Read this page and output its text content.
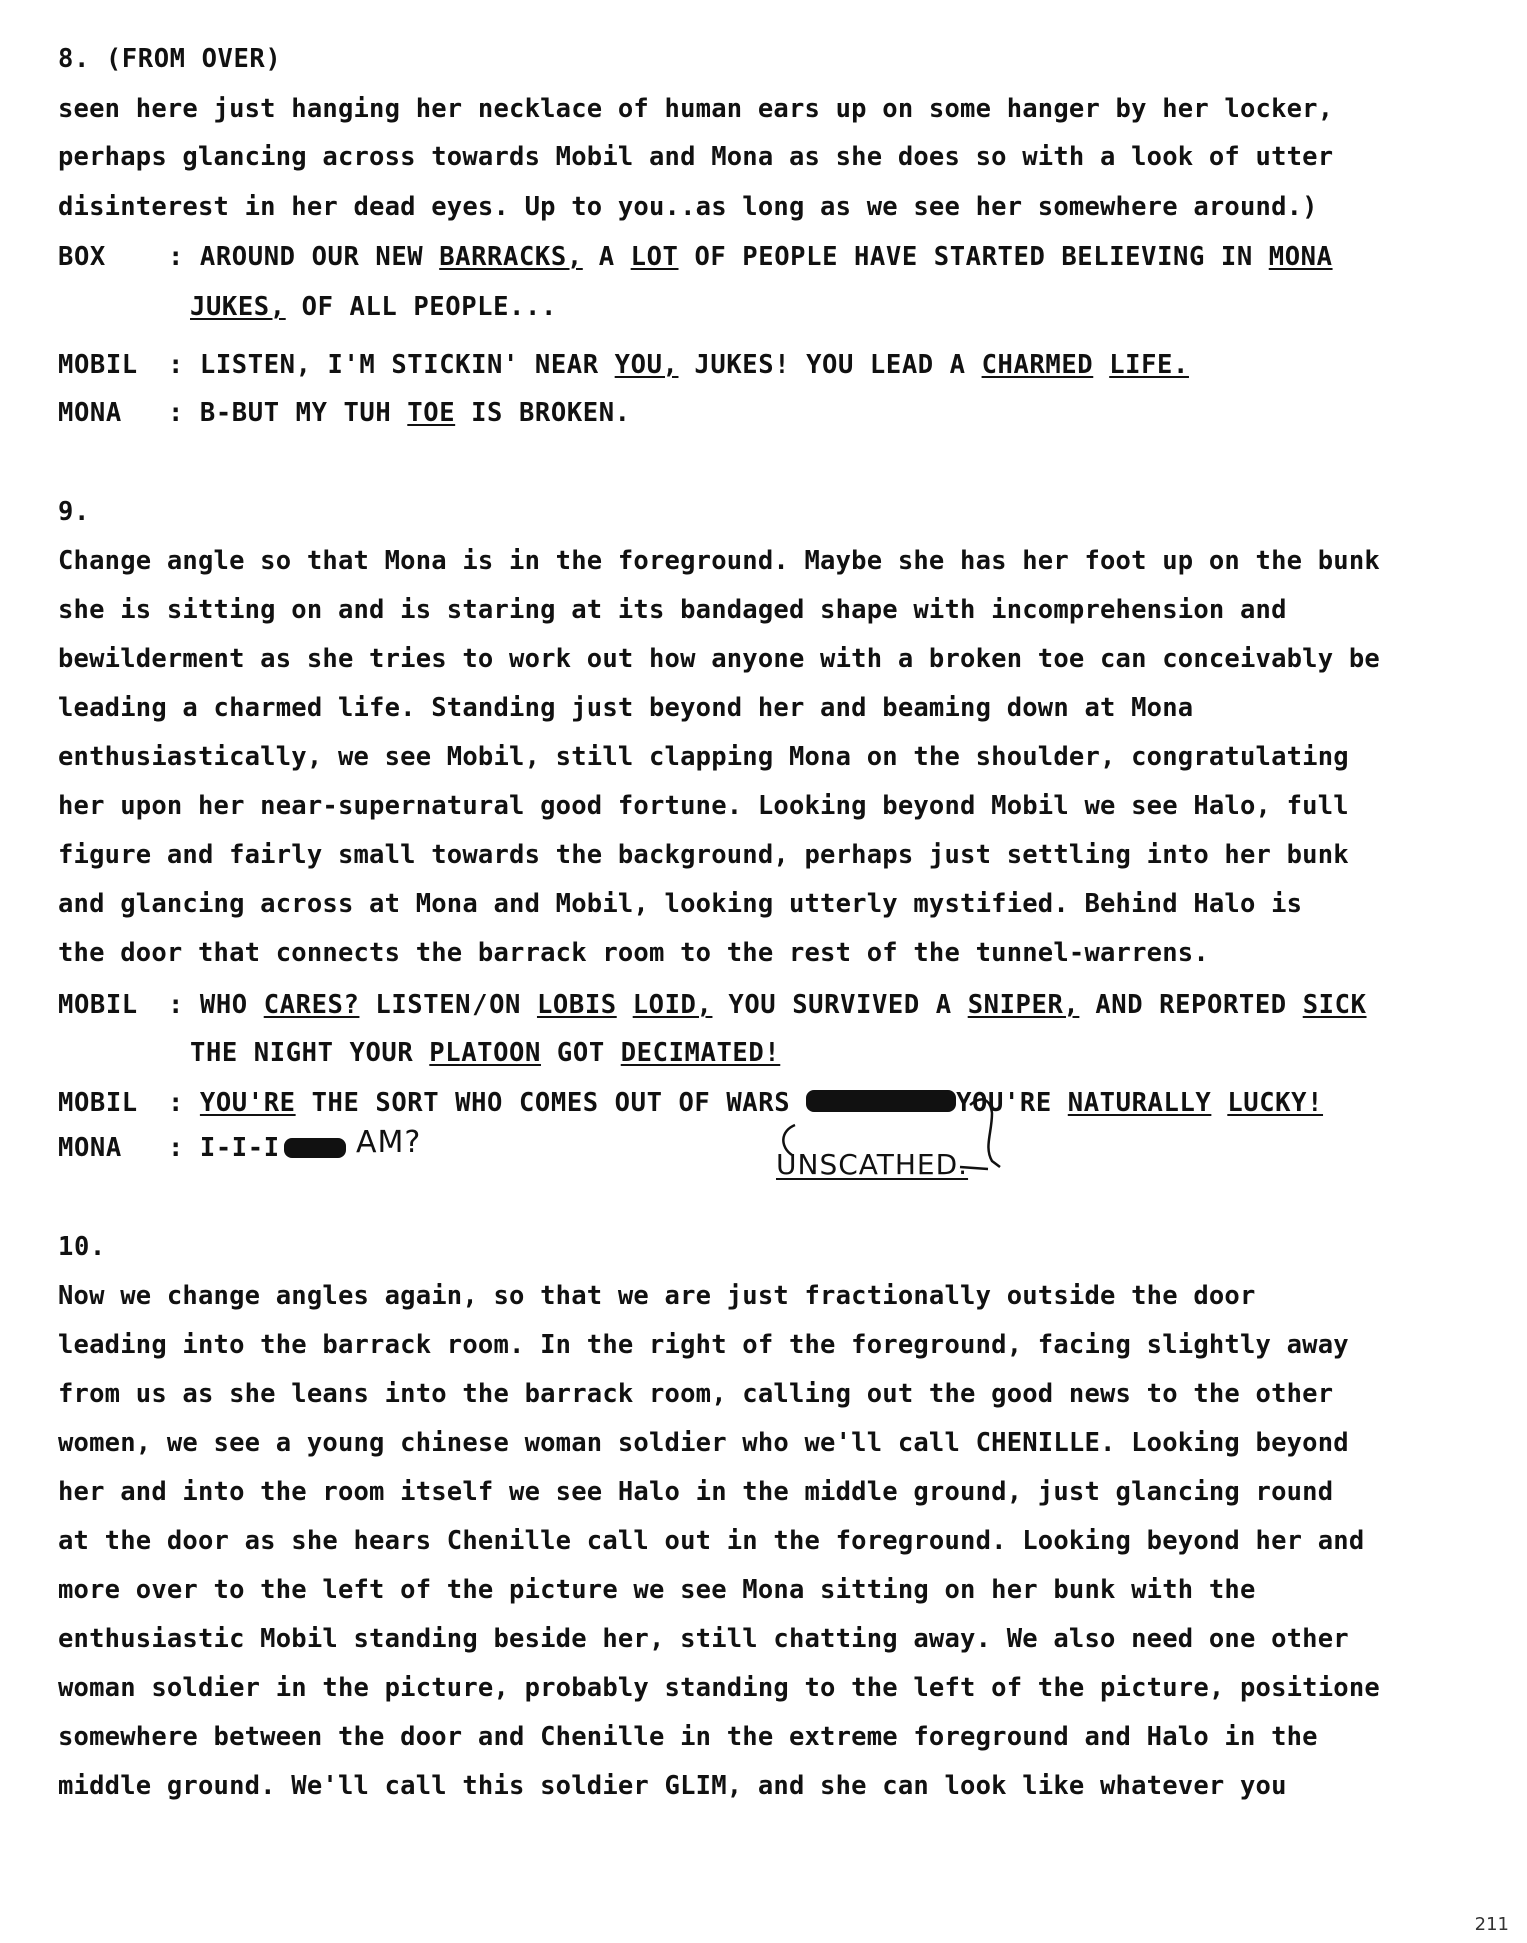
8. (FROM OVER)
seen here just hanging her necklace of human ears up on some hanger by her locker,
perhaps glancing across towards Mobil and Mona as she does so with a look of utter
disinterest in her dead eyes. Up to you..as long as we see her somewhere around.)
BOX : AROUND OUR NEW BARRACKS, A LOT OF PEOPLE HAVE STARTED BELIEVING IN MONA
JUKES, OF ALL PEOPLE...
MOBIL : LISTEN, I'M STICKIN' NEAR YOU, JUKES! YOU LEAD A CHARMED LIFE.
MONA : B-BUT MY TUH TOE IS BROKEN.
9.
Change angle so that Mona is in the foreground. Maybe she has her foot up on the bunk
she is sitting on and is staring at its bandaged shape with incomprehension and
bewilderment as she tries to work out how anyone with a broken toe can conceivably be
leading a charmed life. Standing just beyond her and beaming down at Mona
enthusiastically, we see Mobil, still clapping Mona on the shoulder, congratulating
her upon her near-supernatural good fortune. Looking beyond Mobil we see Halo, full
figure and fairly small towards the background, perhaps just settling into her bunk
and glancing across at Mona and Mobil, looking utterly mystified. Behind Halo is
the door that connects the barrack room to the rest of the tunnel-warrens.
MOBIL : WHO CARES? LISTEN/ON LOBIS LOID, YOU SURVIVED A SNIPER, AND REPORTED SICK
THE NIGHT YOUR PLATOON GOT DECIMATED!
MOBIL : YOU'RE THE SORT WHO COMES OUT OF WARS	YOU'RE NATURALLY LUCKY!
MONA : I-I-I	AM?
UNSCATHED.
10.
Now we change angles again, so that we are just fractionally outside the door
leading into the barrack room. In the right of the foreground, facing slightly away
from us as she leans into the barrack room, calling out the good news to the other
women, we see a young chinese woman soldier who we'll call CHENILLE. Looking beyond
her and into the room itself we see Halo in the middle ground, just glancing round
at the door as she hears Chenille call out in the foreground. Looking beyond her and
more over to the left of the picture we see Mona sitting on her bunk with the
enthusiastic Mobil standing beside her, still chatting away. We also need one other
woman soldier in the picture, probably standing to the left of the picture, positione
somewhere between the door and Chenille in the extreme foreground and Halo in the
middle ground. We'll call this soldier GLIM, and she can look like whatever you
211
